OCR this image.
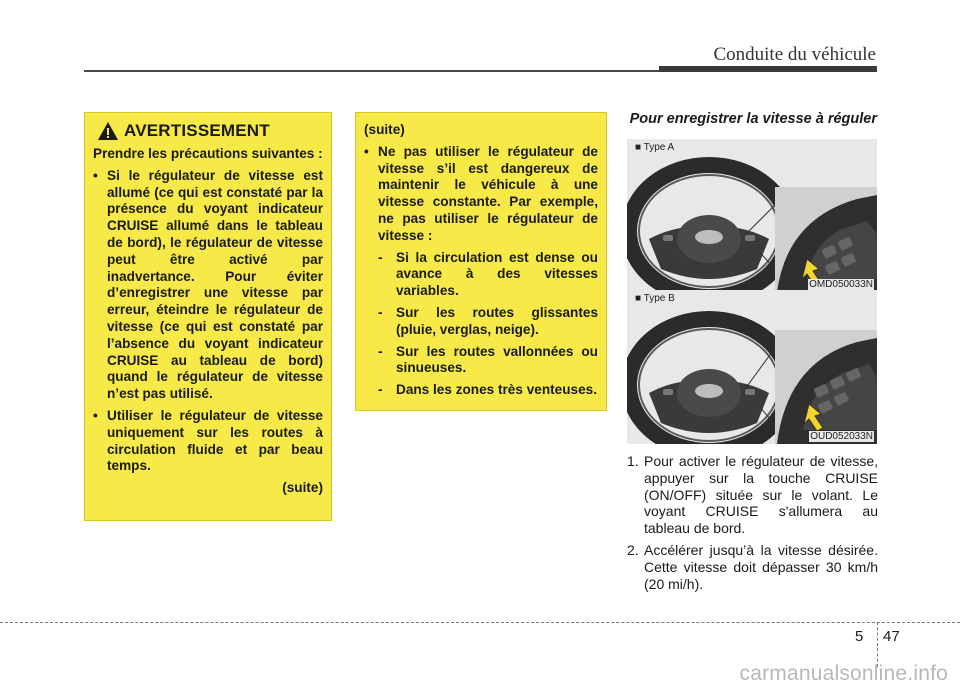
Conduite du véhicule
AVERTISSEMENT
Prendre les précautions suivantes :
• Si le régulateur de vitesse est allumé (ce qui est constaté par la présence du voyant indicateur CRUISE allumé dans le tableau de bord), le régulateur de vitesse peut être activé par inadvertance. Pour éviter d’enregistrer une vitesse par erreur, éteindre le régulateur de vitesse (ce qui est constaté par l’absence du voyant indicateur CRUISE au tableau de bord) quand le régulateur de vitesse n’est pas utilisé.
• Utiliser le régulateur de vitesse uniquement sur les routes à circulation fluide et par beau temps.
(suite)
(suite)
• Ne pas utiliser le régulateur de vitesse s’il est dangereux de maintenir le véhicule à une vitesse constante. Par exemple, ne pas utiliser le régulateur de vitesse :
- Si la circulation est dense ou avance à des vitesses variables.
- Sur les routes glissantes (pluie, verglas, neige).
- Sur les routes vallonnées ou sinueuses.
- Dans les zones très venteuses.
Pour enregistrer la vitesse à réguler
■ Type A
OMD050033N
■ Type B
OUD052033N
1. Pour activer le régulateur de vitesse, appuyer sur la touche CRUISE (ON/OFF) située sur le volant. Le voyant CRUISE s'allumera au tableau de bord.
2. Accélérer jusqu’à la vitesse désirée. Cette vitesse doit dépasser 30 km/h (20 mi/h).
5 47
carmanualsonline.info
